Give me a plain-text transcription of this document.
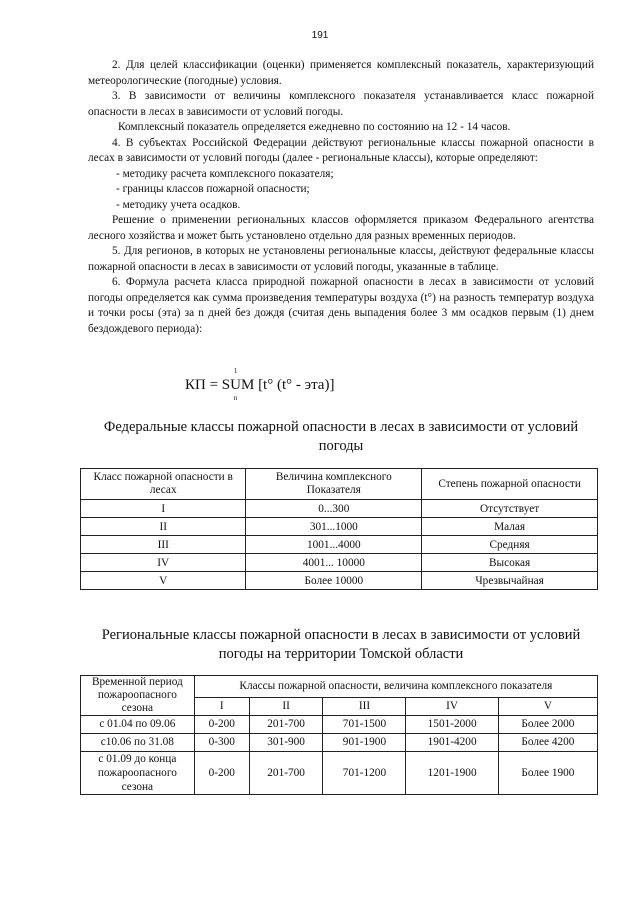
191

2. Для целей классификации (оценки) применяется комплексный показатель, характеризующий метеорологические (погодные) условия.

3. В зависимости от величины комплексного показателя устанавливается класс пожарной опасности в лесах в зависимости от условий погоды.

Комплексный показатель определяется ежедневно по состоянию на 12 - 14 часов.

4. В субъектах Российской Федерации действуют региональные классы пожарной опасности в лесах в зависимости от условий погоды (далее - региональные классы), которые определяют:

- методику расчета комплексного показателя;

- границы классов пожарной опасности;

- методику учета осадков.

Решение о применении региональных классов оформляется приказом Федерального агентства лесного хозяйства и может быть установлено отдельно для разных временных периодов.

5. Для регионов, в которых не установлены региональные классы, действуют федеральные классы пожарной опасности в лесах в зависимости от условий погоды, указанные в таблице.

6. Формула расчета класса природной пожарной опасности в лесах в зависимости от условий погоды определяется как сумма произведения температуры воздуха (t°) на разность температур воздуха и точки росы (эта) за n дней без дождя (считая день выпадения более 3 мм осадков первым (1) днем бездождевого периода):

КП = SUM
1
n
[t° (t° - эта)]
Федеральные классы пожарной опасности в лесах в зависимости от условий погоды
Класс пожарной опасности в лесах	Величина комплексного Показателя	Степень пожарной опасности
I	0...300	Отсутствует
II	301...1000	Малая
III	1001...4000	Средняя
IV	4001... 10000	Высокая
V	Более 10000	Чрезвычайная
Региональные классы пожарной опасности в лесах в зависимости от условий погоды на территории Томской области
Временной период пожароопасного сезона	Классы пожарной опасности, величина комплексного показателя				
	I	II	III	IV	V
с 01.04 по 09.06	0-200	201-700	701-1500	1501-2000	Более 2000
с10.06 по 31.08	0-300	301-900	901-1900	1901-4200	Более 4200
с 01.09 до конца пожароопасного сезона	0-200	201-700	701-1200	1201-1900	Более 1900
